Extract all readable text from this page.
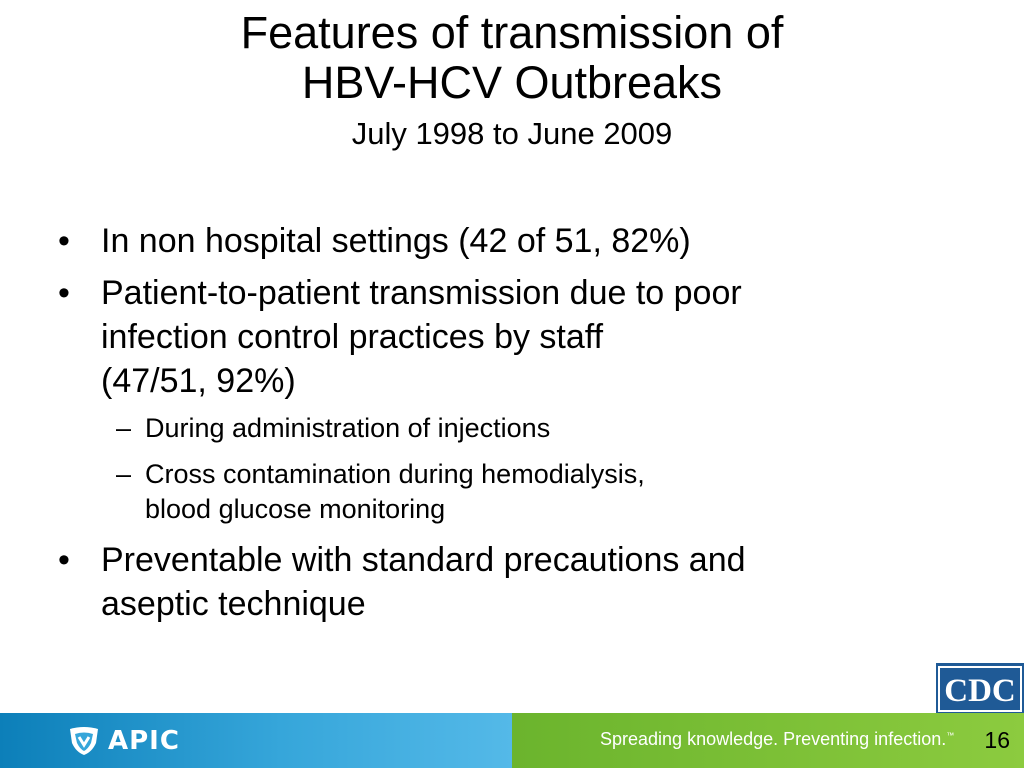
Features of transmission of
HBV-HCV Outbreaks
July 1998 to June 2009
• In non hospital settings (42 of 51, 82%)
• Patient-to-patient transmission due to poor
infection control practices by staff
(47/51, 92%)
– During administration of injections
– Cross contamination during hemodialysis,
blood glucose monitoring
• Preventable with standard precautions and
aseptic technique
CDC
APIC	Spreading knowledge. Preventing infection.™ 16
